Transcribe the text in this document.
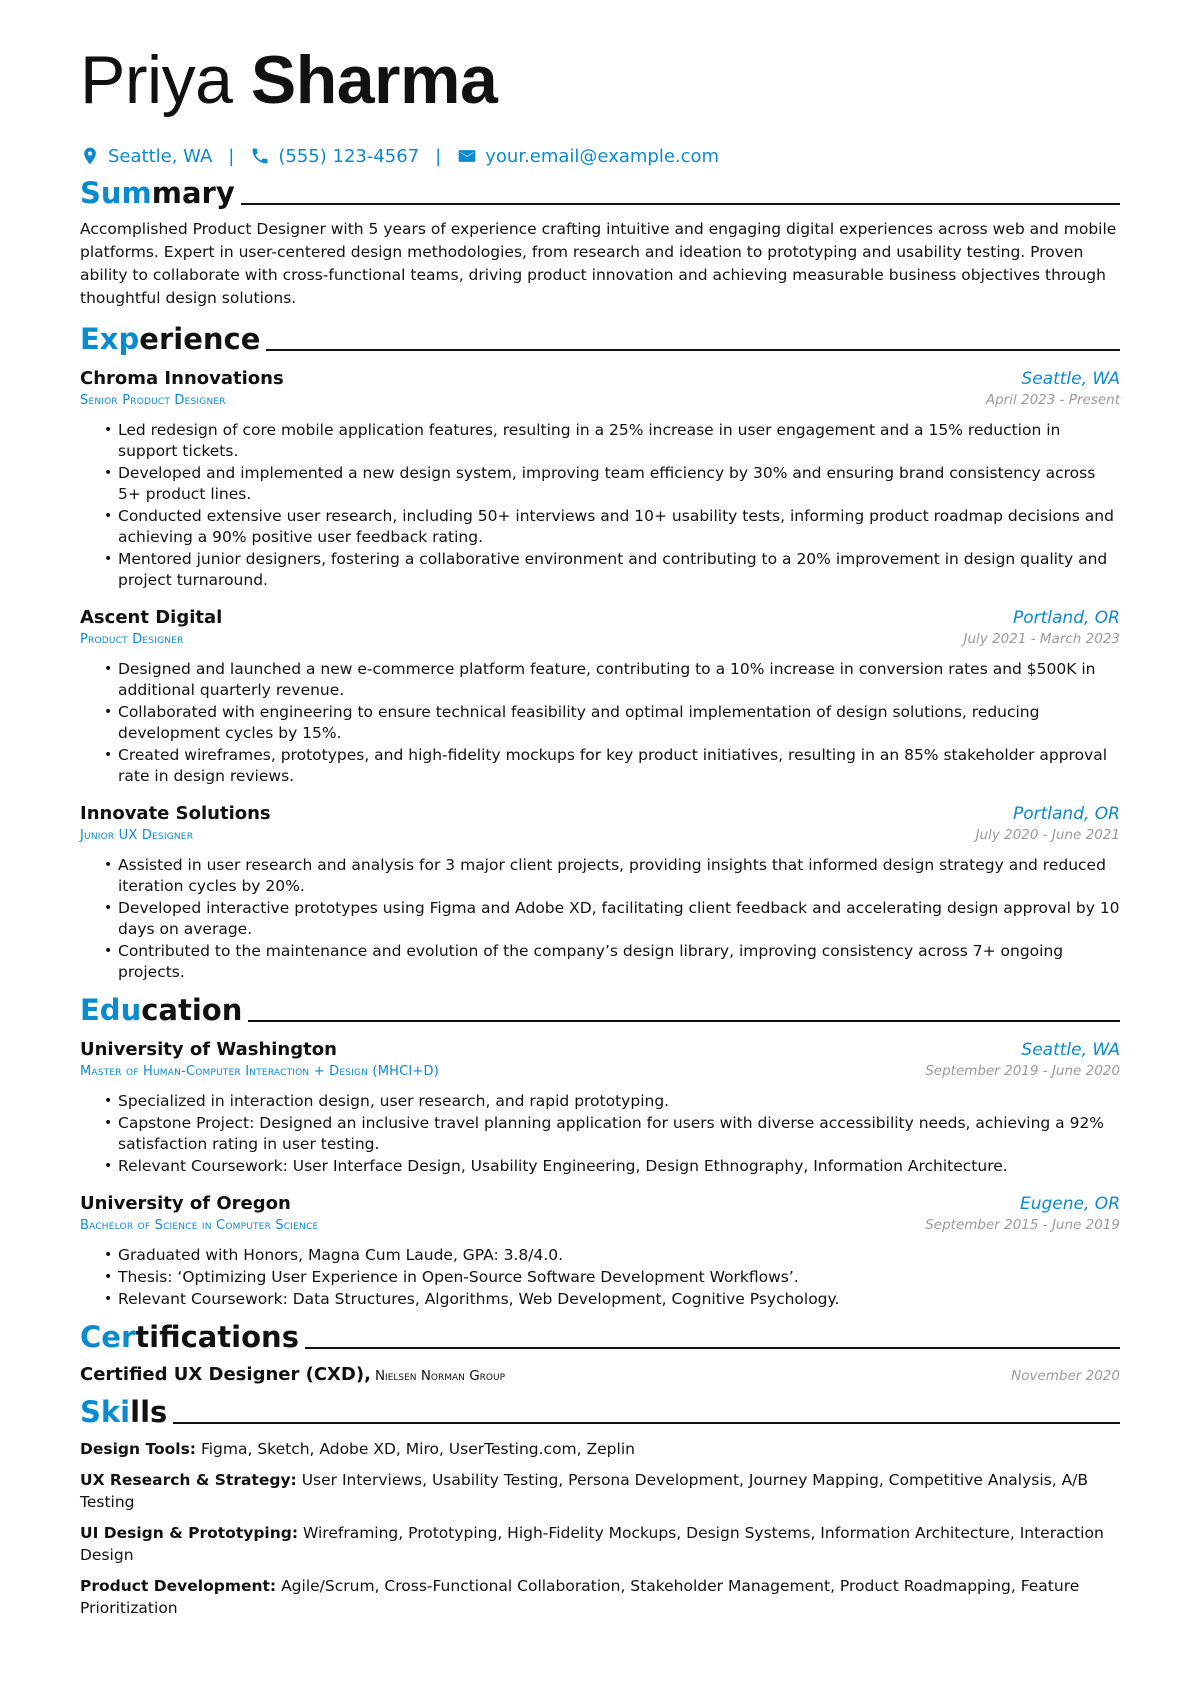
Priya Sharma
Seattle, WA | (555) 123-4567 | your.email@example.com
Summary
Accomplished Product Designer with 5 years of experience crafting intuitive and engaging digital experiences across web and mobile platforms. Expert in user-centered design methodologies, from research and ideation to prototyping and usability testing. Proven ability to collaborate with cross-functional teams, driving product innovation and achieving measurable business objectives through thoughtful design solutions.
Experience
Chroma Innovations	Seattle, WA
Senior Product Designer	April 2023 - Present
• Led redesign of core mobile application features, resulting in a 25% increase in user engagement and a 15% reduction in support tickets.
• Developed and implemented a new design system, improving team efficiency by 30% and ensuring brand consistency across 5+ product lines.
• Conducted extensive user research, including 50+ interviews and 10+ usability tests, informing product roadmap decisions and achieving a 90% positive user feedback rating.
• Mentored junior designers, fostering a collaborative environment and contributing to a 20% improvement in design quality and project turnaround.
Ascent Digital	Portland, OR
Product Designer	July 2021 - March 2023
• Designed and launched a new e-commerce platform feature, contributing to a 10% increase in conversion rates and $500K in additional quarterly revenue.
• Collaborated with engineering to ensure technical feasibility and optimal implementation of design solutions, reducing development cycles by 15%.
• Created wireframes, prototypes, and high-fidelity mockups for key product initiatives, resulting in an 85% stakeholder approval rate in design reviews.
Innovate Solutions	Portland, OR
Junior UX Designer	July 2020 - June 2021
• Assisted in user research and analysis for 3 major client projects, providing insights that informed design strategy and reduced iteration cycles by 20%.
• Developed interactive prototypes using Figma and Adobe XD, facilitating client feedback and accelerating design approval by 10 days on average.
• Contributed to the maintenance and evolution of the company’s design library, improving consistency across 7+ ongoing projects.
Education
University of Washington	Seattle, WA
Master of Human-Computer Interaction + Design (MHCI+D)	September 2019 - June 2020
• Specialized in interaction design, user research, and rapid prototyping.
• Capstone Project: Designed an inclusive travel planning application for users with diverse accessibility needs, achieving a 92% satisfaction rating in user testing.
• Relevant Coursework: User Interface Design, Usability Engineering, Design Ethnography, Information Architecture.
University of Oregon	Eugene, OR
Bachelor of Science in Computer Science	September 2015 - June 2019
• Graduated with Honors, Magna Cum Laude, GPA: 3.8/4.0.
• Thesis: ‘Optimizing User Experience in Open-Source Software Development Workflows’.
• Relevant Coursework: Data Structures, Algorithms, Web Development, Cognitive Psychology.
Certifications
Certified UX Designer (CXD), Nielsen Norman Group	November 2020
Skills
Design Tools: Figma, Sketch, Adobe XD, Miro, UserTesting.com, Zeplin
UX Research & Strategy: User Interviews, Usability Testing, Persona Development, Journey Mapping, Competitive Analysis, A/B Testing
UI Design & Prototyping: Wireframing, Prototyping, High-Fidelity Mockups, Design Systems, Information Architecture, Interaction Design
Product Development: Agile/Scrum, Cross-Functional Collaboration, Stakeholder Management, Product Roadmapping, Feature Prioritization
